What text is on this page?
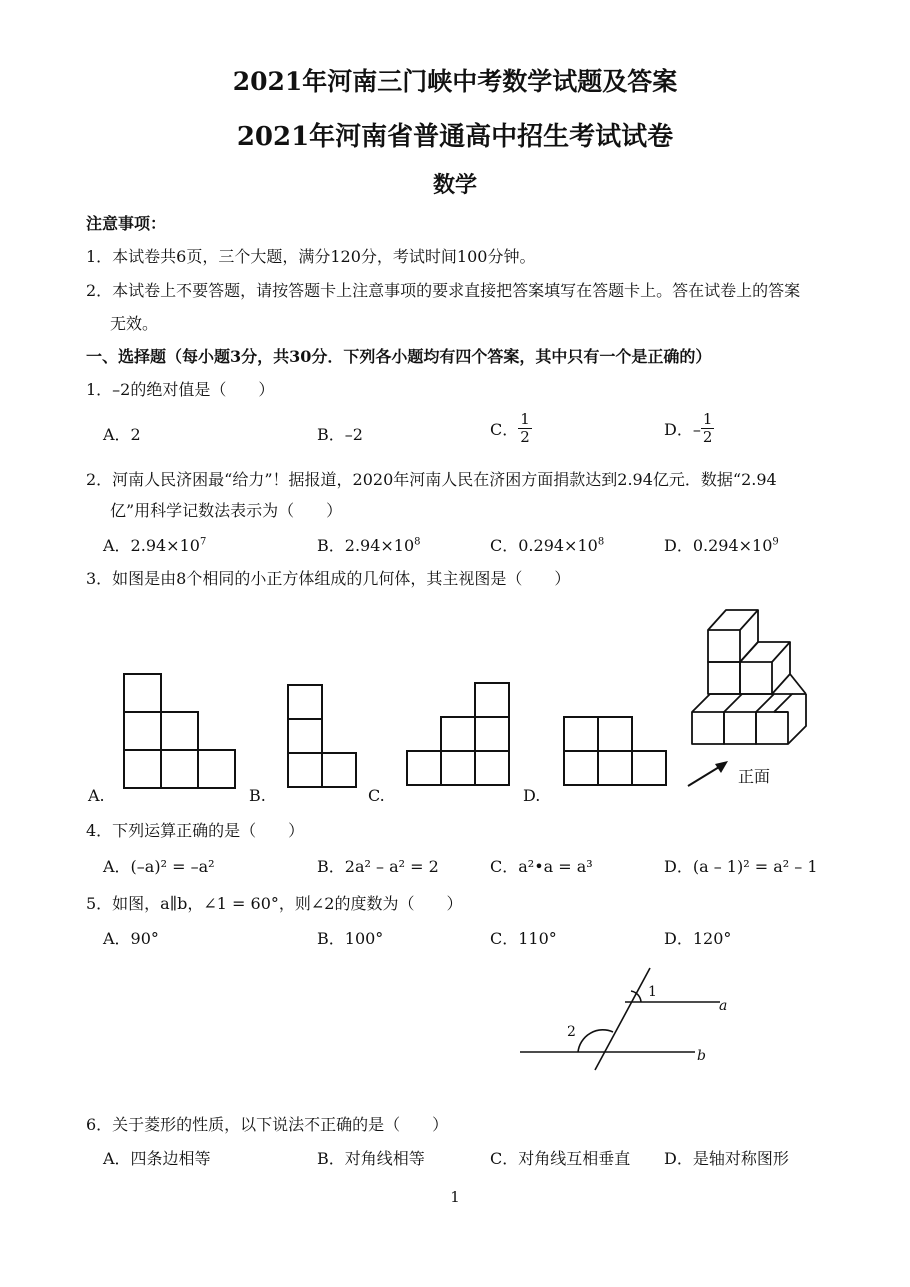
2021年河南三门峡中考数学试题及答案
2021年河南省普通高中招生考试试卷
数学
注意事项：
1．本试卷共6页，三个大题，满分120分，考试时间100分钟。
2．本试卷上不要答题，请按答题卡上注意事项的要求直接把答案填写在答题卡上。答在试卷上的答案
无效。
一、选择题（每小题3分，共30分．下列各小题均有四个答案，其中只有一个是正确的）
1．–2的绝对值是（　　）
A．2	B．–2	C． $\frac{1}{2}$	D．– $\frac{1}{2}$
2．河南人民济困最“给力”！据报道，2020年河南人民在济困方面捐款达到2.94亿元．数据“2.94
亿”用科学记数法表示为（　　）
A．$2.94\times 10^7$	B．$2.94\times 10^8$	C．$0.294\times 10^8$	D．$0.294\times 10^9$
3．如图是由8个相同的小正方体组成的几何体，其主视图是（　　）
A.	B.	C.	D.
正面
4．下列运算正确的是（　　）
A．(–a)² = –a²	B．2a² – a² = 2	C．a²•a = a³	D．(a – 1)² = a² – 1
5．如图，a∥b，∠1 = 60°，则∠2的度数为（　　）
A．90°	B．100°	C．110°	D．120°
1
2
a
b
6．关于菱形的性质，以下说法不正确的是（　　）
A．四条边相等	B．对角线相等	C．对角线互相垂直 D．是轴对称图形
1
